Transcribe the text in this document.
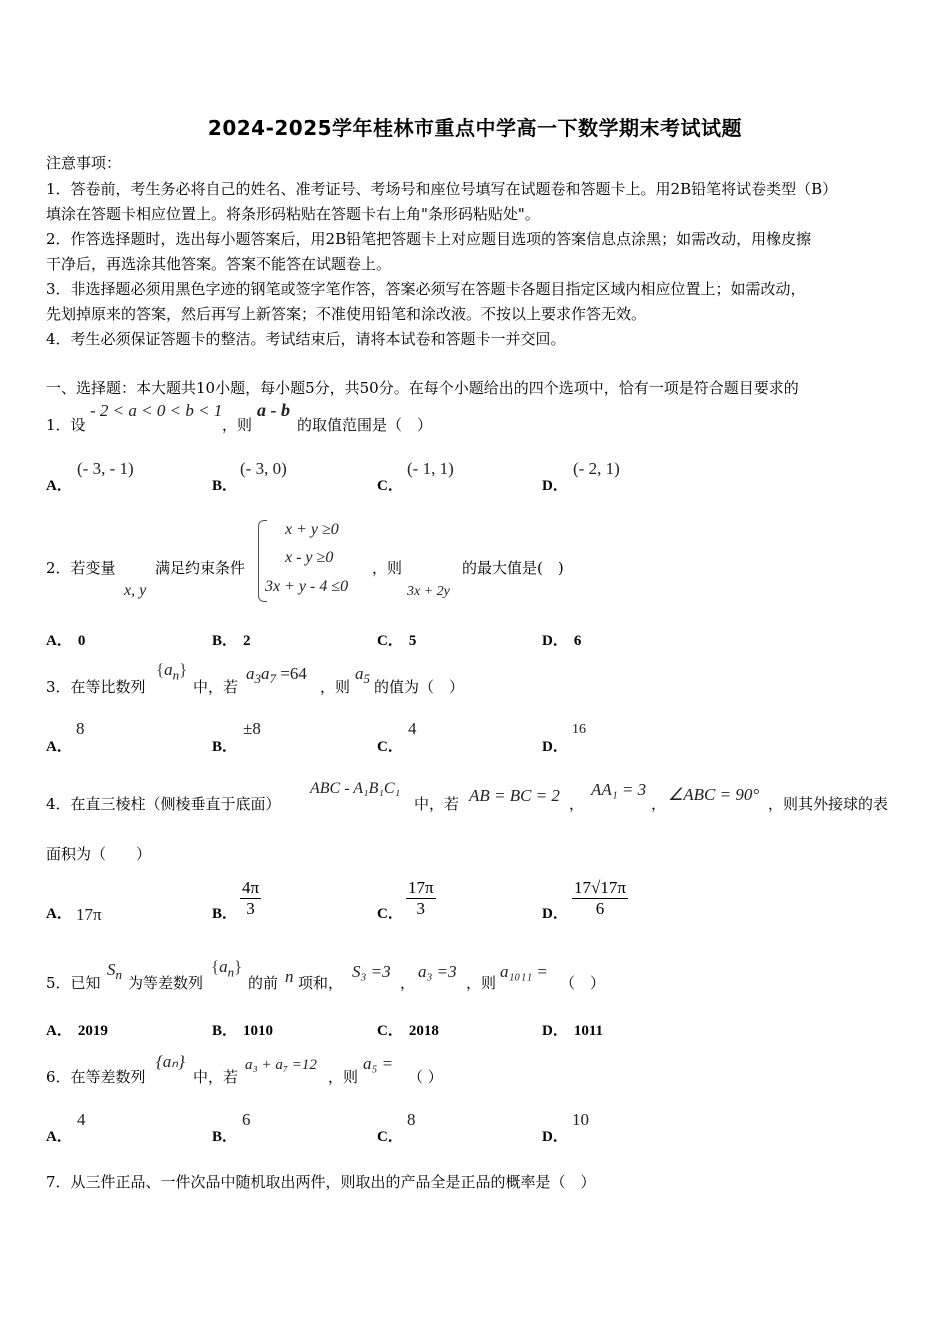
2024-2025学年桂林市重点中学高一下数学期末考试试题
注意事项：
1．答卷前，考生务必将自己的姓名、准考证号、考场号和座位号填写在试题卷和答题卡上。用2B铅笔将试卷类型（B）
填涂在答题卡相应位置上。将条形码粘贴在答题卡右上角"条形码粘贴处"。
2．作答选择题时，选出每小题答案后，用2B铅笔把答题卡上对应题目选项的答案信息点涂黑；如需改动，用橡皮擦
干净后，再选涂其他答案。答案不能答在试题卷上。
3．非选择题必须用黑色字迹的钢笔或签字笔作答，答案必须写在答题卡各题目指定区域内相应位置上；如需改动，
先划掉原来的答案，然后再写上新答案；不准使用铅笔和涂改液。不按以上要求作答无效。
4．考生必须保证答题卡的整洁。考试结束后，请将本试卷和答题卡一并交回。
一、选择题：本大题共10小题，每小题5分，共50分。在每个小题给出的四个选项中，恰有一项是符合题目要求的
1．设
- 2 < a < 0 < b < 1
，则
a - b
的取值范围是（　）
A．
(- 3, - 1)
B．
(- 3, 0)
C．
(- 1, 1)
D．
(- 2, 1)
2．若变量
x, y
满足约束条件
x + y ≥0
x - y ≥0
3x + y - 4 ≤0
，则
3x + 2y
的最大值是(　)
A． 0	B． 2	C． 5	D． 6
3．在等比数列
$\{a_n\}$
中，若
$a_3a_7 =64$
，则
$a_5$ 的值为（　）
A．
8
B．
±8
C．
4
D．
16
4．在直三棱柱（侧棱垂直于底面）
ABC - A₁B₁C₁
中，若 AB = BC = 2 ，
AA₁ = 3
， ∠ABC = 90° ，则其外接球的表
面积为（　　）
A． 17π	B． $\frac{4\pi}{3}$	C． $\frac{17\pi}{3}$	D． $\frac{17√17\pi}{6}$
5．已知
$S_n$ 为等差数列
$\{a_n\}$
的前 n 项和，
S₃ =3
，
a₃ =3
，则
a₁₀₁₁ =
（　）
A． 2019	B． 1010	C． 2018	D． 1011
6．在等差数列
{aₙ}
中，若
a₃ + a₇ =12
，则
a₅ =
（ ）
A．
4
B．
6
C．
8
D．
10
7．从三件正品、一件次品中随机取出两件，则取出的产品全是正品的概率是（　）
